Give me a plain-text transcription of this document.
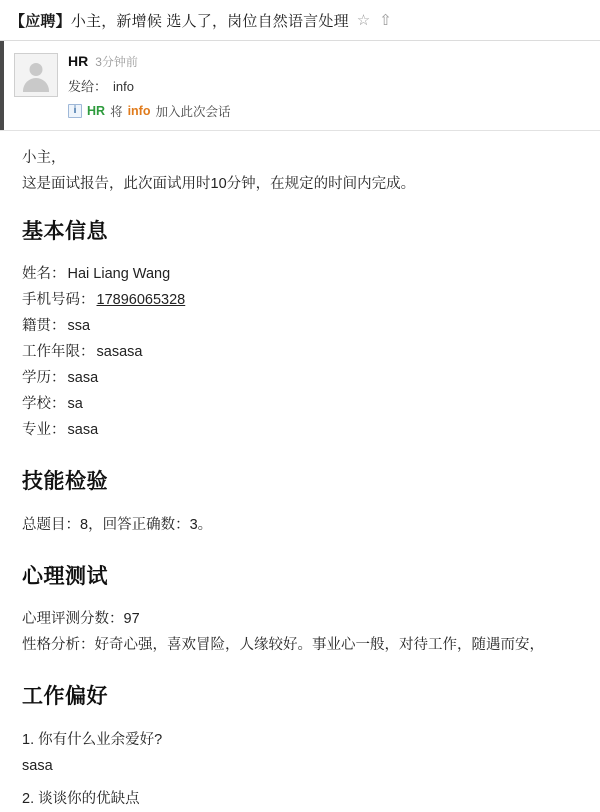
【应聘】小主，新增候 选人了，岗位自然语言处理 ☆ ⇧
HR 3分钟前
发给： info
i HR 将 info 加入此次会话

小主，

这是面试报告，此次面试用时10分钟，在规定的时间内完成。

基本信息

姓名： Hai Liang Wang

手机号码： 17896065328

籍贯： ssa

工作年限： sasasa

学历： sasa

学校： sa

专业： sasa

技能检验

总题目：8，回答正确数：3。

心理测试

心理评测分数：97

性格分析：好奇心强，喜欢冒险，人缘较好。事业心一般，对待工作，随遇而安，

工作偏好

1. 你有什么业余爱好?

sasa

2. 谈谈你的优缺点
